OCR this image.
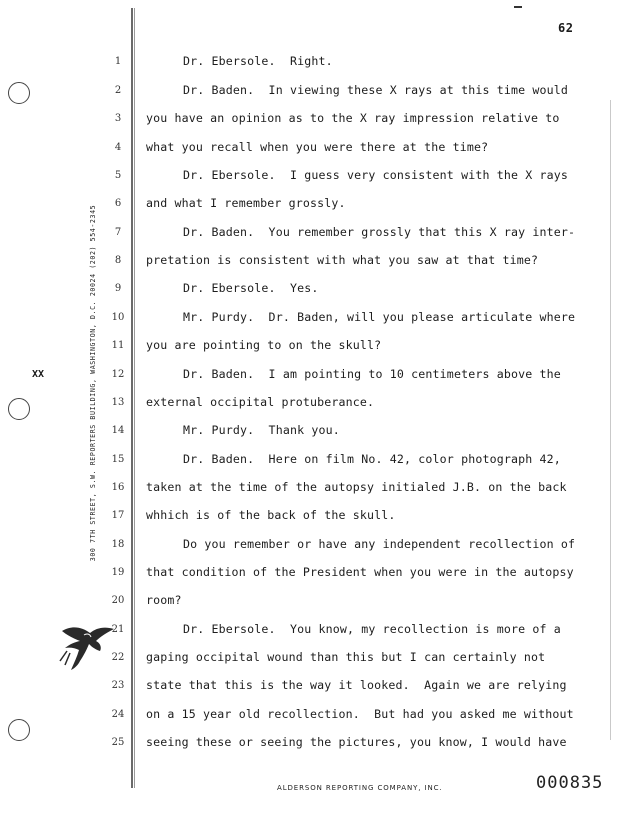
62
XX	300 7TH STREET, S.W. REPORTERS BUILDING, WASHINGTON, D.C. 20024 (202) 554-2345
1
2
3
4
5
6
7
8
9
10
11
12
13
14
15
16
17
18
19
20
21
22
23
24
25
Dr. Ebersole.  Right.
Dr. Baden.  In viewing these X rays at this time would
you have an opinion as to the X ray impression relative to
what you recall when you were there at the time?
Dr. Ebersole.  I guess very consistent with the X rays
and what I remember grossly.
Dr. Baden.  You remember grossly that this X ray inter-
pretation is consistent with what you saw at that time?
Dr. Ebersole.  Yes.
Mr. Purdy.  Dr. Baden, will you please articulate where
you are pointing to on the skull?
Dr. Baden.  I am pointing to 10 centimeters above the
external occipital protuberance.
Mr. Purdy.  Thank you.
Dr. Baden.  Here on film No. 42, color photograph 42,
taken at the time of the autopsy initialed J.B. on the back
whhich is of the back of the skull.
Do you remember or have any independent recollection of
that condition of the President when you were in the autopsy
room?
Dr. Ebersole.  You know, my recollection is more of a
gaping occipital wound than this but I can certainly not
state that this is the way it looked.  Again we are relying
on a 15 year old recollection.  But had you asked me without
seeing these or seeing the pictures, you know, I would have
ALDERSON REPORTING COMPANY, INC.	000835
